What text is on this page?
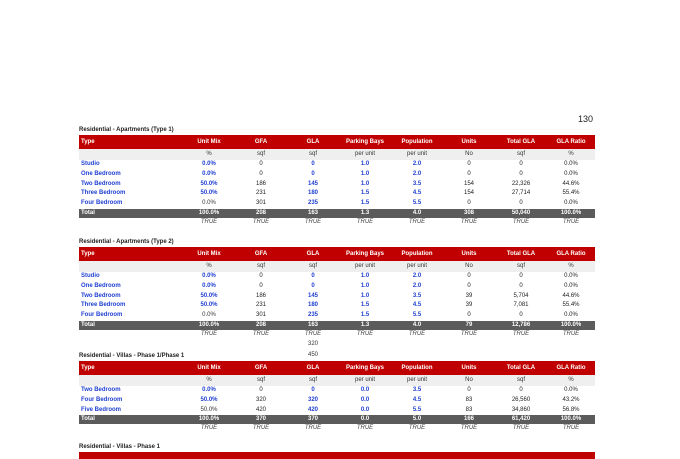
130
Residential - Apartments (Type 1)
Type	Unit Mix	GFA	GLA	Parking Bays	Population	Units	Total GLA	GLA Ratio
	%	sqf	sqf	per unit	per unit	No	sqf	%
Studio	0.0%	0	0	1.0	2.0	0	0	0.0%
One Bedroom	0.0%	0	0	1.0	2.0	0	0	0.0%
Two Bedroom	50.0%	186	145	1.0	3.5	154	22,326	44.6%
Three Bedroom	50.0%	231	180	1.5	4.5	154	27,714	55.4%
Four Bedroom	0.0%	301	235	1.5	5.5	0	0	0.0%
Total	100.0%	208	163	1.3	4.0	308	50,040	100.0%
	TRUE	TRUE	TRUE	TRUE	TRUE	TRUE	TRUE	TRUE
Residential - Apartments (Type 2)
Type	Unit Mix	GFA	GLA	Parking Bays	Population	Units	Total GLA	GLA Ratio
	%	sqf	sqf	per unit	per unit	No	sqf	%
Studio	0.0%	0	0	1.0	2.0	0	0	0.0%
One Bedroom	0.0%	0	0	1.0	2.0	0	0	0.0%
Two Bedroom	50.0%	186	145	1.0	3.5	39	5,704	44.6%
Three Bedroom	50.0%	231	180	1.5	4.5	39	7,081	55.4%
Four Bedroom	0.0%	301	235	1.5	5.5	0	0	0.0%
Total	100.0%	208	163	1.3	4.0	79	12,786	100.0%
	TRUE	TRUE	TRUE	TRUE	TRUE	TRUE	TRUE	TRUE
			320					
			450					
Residential - Villas - Phase 1/Phase 1
Type	Unit Mix	GFA	GLA	Parking Bays	Population	Units	Total GLA	GLA Ratio
	%	sqf	sqf	per unit	per unit	No	sqf	%
Two Bedroom	0.0%	0	0	0.0	3.5	0	0	0.0%
Four Bedroom	50.0%	320	320	0.0	4.5	83	26,560	43.2%
Five Bedroom	50.0%	420	420	0.0	5.5	83	34,860	56.8%
Total	100.0%	370	370	0.0	5.0	166	61,420	100.0%
	TRUE	TRUE	TRUE	TRUE	TRUE	TRUE	TRUE	TRUE
Residential - Villas - Phase 1
